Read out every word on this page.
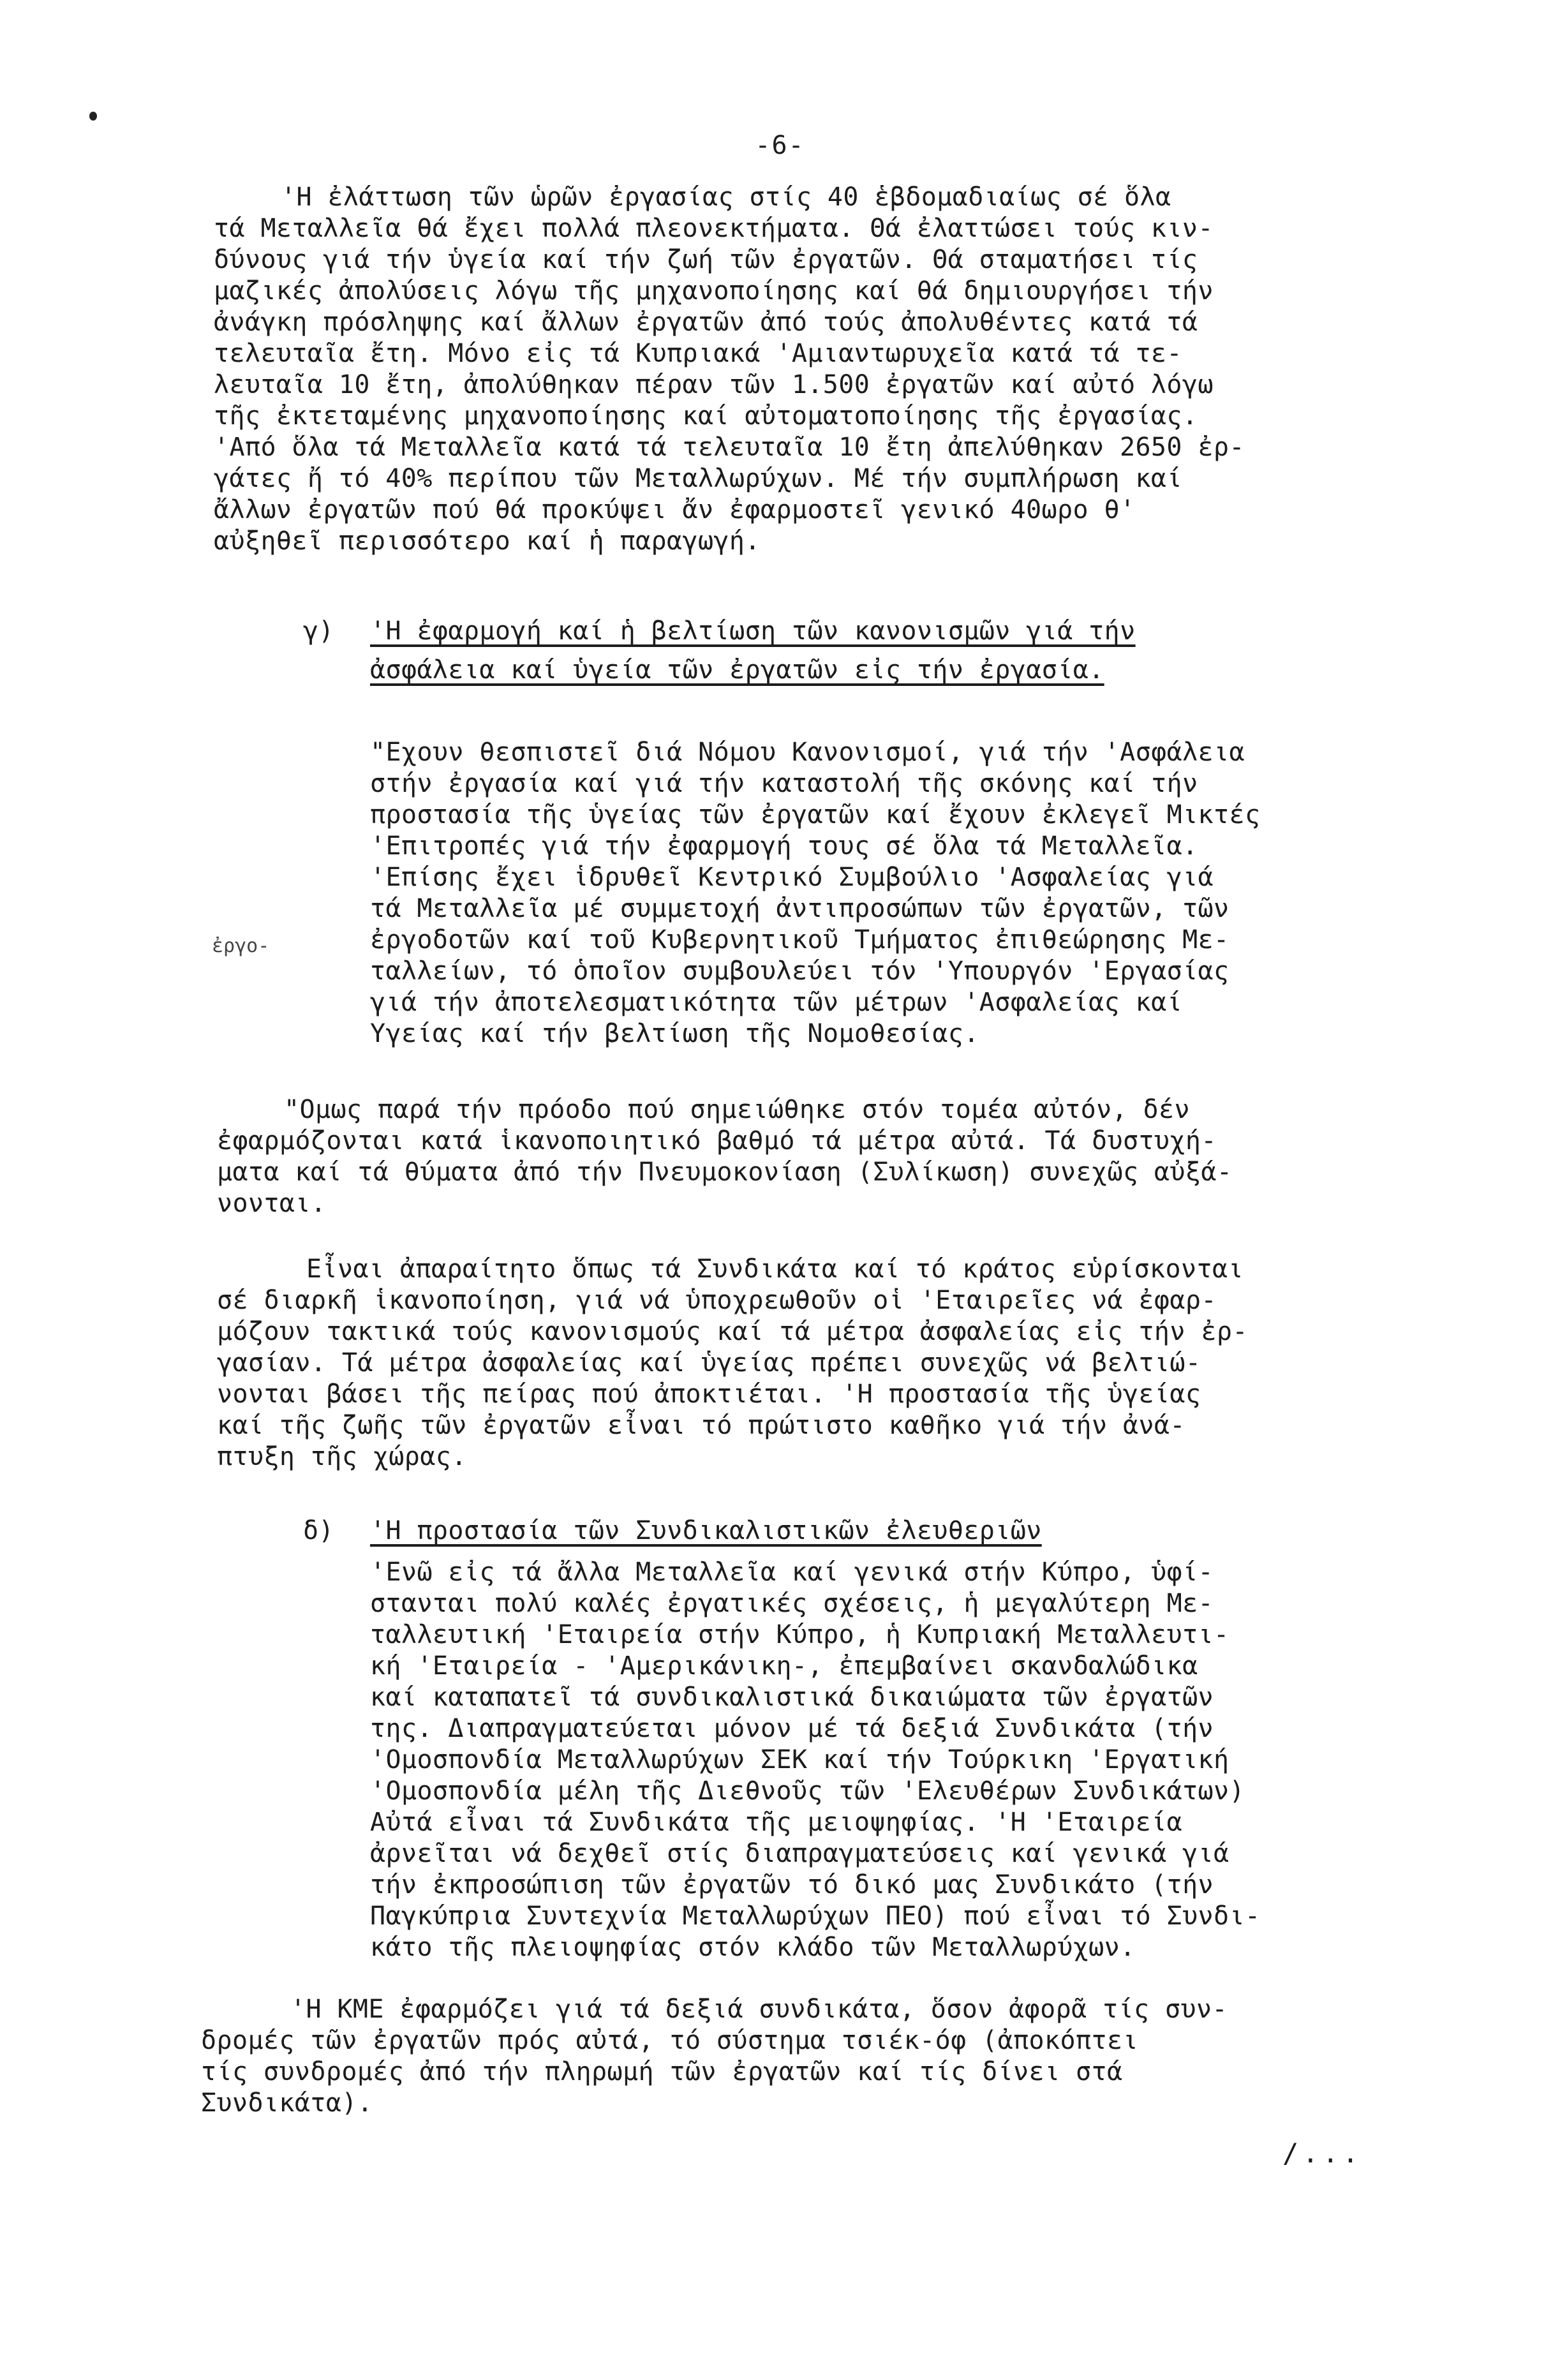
-6-
'Η ἐλάττωση τῶν ὡρῶν ἐργασίας στίς 40 ἑβδομαδιαίως σέ ὅλα
τά Μεταλλεῖα θά ἔχει πολλά πλεονεκτήματα. Θά ἐλαττώσει τούς κιν-
δύνους γιά τήν ὑγεία καί τήν ζωή τῶν ἐργατῶν. Θά σταματήσει τίς
μαζικές ἀπολύσεις λόγω τῆς μηχανοποίησης καί θά δημιουργήσει τήν
ἀνάγκη πρόσληψης καί ἄλλων ἐργατῶν ἀπό τούς ἀπολυθέντες κατά τά
τελευταῖα ἔτη. Μόνο εἰς τά Κυπριακά 'Αμιαντωρυχεῖα κατά τά τε-
λευταῖα 10 ἔτη, ἀπολύθηκαν πέραν τῶν 1.500 ἐργατῶν καί αὐτό λόγω
τῆς ἐκτεταμένης μηχανοποίησης καί αὐτοματοποίησης τῆς ἐργασίας.
'Από ὅλα τά Μεταλλεῖα κατά τά τελευταῖα 10 ἔτη ἀπελύθηκαν 2650 ἐρ-
γάτες ἤ τό 40% περίπου τῶν Μεταλλωρύχων. Μέ τήν συμπλήρωση καί
ἄλλων ἐργατῶν πού θά προκύψει ἄν ἐφαρμοστεῖ γενικό 40ωρο θ'
αὐξηθεῖ περισσότερο καί ἡ παραγωγή.
γ) 'Η ἐφαρμογή καί ἡ βελτίωση τῶν κανονισμῶν γιά τήν
ἀσφάλεια καί ὑγεία τῶν ἐργατῶν εἰς τήν ἐργασία.
ἐργο-
"Εχουν θεσπιστεῖ διά Νόμου Κανονισμοί, γιά τήν 'Ασφάλεια
στήν ἐργασία καί γιά τήν καταστολή τῆς σκόνης καί τήν
προστασία τῆς ὑγείας τῶν ἐργατῶν καί ἔχουν ἐκλεγεῖ Μικτές
'Επιτροπές γιά τήν ἐφαρμογή τους σέ ὅλα τά Μεταλλεῖα.
'Επίσης ἔχει ἱδρυθεῖ Κεντρικό Συμβούλιο 'Ασφαλείας γιά
τά Μεταλλεῖα μέ συμμετοχή ἀντιπροσώπων τῶν ἐργατῶν, τῶν
ἐργοδοτῶν καί τοῦ Κυβερνητικοῦ Τμήματος ἐπιθεώρησης Με-
ταλλείων, τό ὁποῖον συμβουλεύει τόν 'Υπουργόν 'Εργασίας
γιά τήν ἀποτελεσματικότητα τῶν μέτρων 'Ασφαλείας καί
Υγείας καί τήν βελτίωση τῆς Νομοθεσίας.
"Ομως παρά τήν πρόοδο πού σημειώθηκε στόν τομέα αὐτόν, δέν
ἐφαρμόζονται κατά ἱκανοποιητικό βαθμό τά μέτρα αὐτά. Τά δυστυχή-
ματα καί τά θύματα ἀπό τήν Πνευμοκονίαση (Συλίκωση) συνεχῶς αὐξά-
νονται.
Εἶναι ἀπαραίτητο ὅπως τά Συνδικάτα καί τό κράτος εὑρίσκονται
σέ διαρκῆ ἱκανοποίηση, γιά νά ὑποχρεωθοῦν οἱ 'Εταιρεῖες νά ἐφαρ-
μόζουν τακτικά τούς κανονισμούς καί τά μέτρα ἀσφαλείας εἰς τήν ἐρ-
γασίαν. Τά μέτρα ἀσφαλείας καί ὑγείας πρέπει συνεχῶς νά βελτιώ-
νονται βάσει τῆς πείρας πού ἀποκτιέται. 'Η προστασία τῆς ὑγείας
καί τῆς ζωῆς τῶν ἐργατῶν εἶναι τό πρώτιστο καθῆκο γιά τήν ἀνά-
πτυξη τῆς χώρας.
δ) 'Η προστασία τῶν Συνδικαλιστικῶν ἐλευθεριῶν
'Ενῶ εἰς τά ἄλλα Μεταλλεῖα καί γενικά στήν Κύπρο, ὑφί-
στανται πολύ καλές ἐργατικές σχέσεις, ἡ μεγαλύτερη Με-
ταλλευτική 'Εταιρεία στήν Κύπρο, ἡ Κυπριακή Μεταλλευτι-
κή 'Εταιρεία - 'Αμερικάνικη-, ἐπεμβαίνει σκανδαλώδικα
καί καταπατεῖ τά συνδικαλιστικά δικαιώματα τῶν ἐργατῶν
της. Διαπραγματεύεται μόνον μέ τά δεξιά Συνδικάτα (τήν
'Ομοσπονδία Μεταλλωρύχων ΣΕΚ καί τήν Τούρκικη 'Εργατική
'Ομοσπονδία μέλη τῆς Διεθνοῦς τῶν 'Ελευθέρων Συνδικάτων)
Αὐτά εἶναι τά Συνδικάτα τῆς μειοψηφίας. 'Η 'Εταιρεία
ἀρνεῖται νά δεχθεῖ στίς διαπραγματεύσεις καί γενικά γιά
τήν ἐκπροσώπιση τῶν ἐργατῶν τό δικό μας Συνδικάτο (τήν
Παγκύπρια Συντεχνία Μεταλλωρύχων ΠΕΟ) πού εἶναι τό Συνδι-
κάτο τῆς πλειοψηφίας στόν κλάδο τῶν Μεταλλωρύχων.
'Η ΚΜΕ ἐφαρμόζει γιά τά δεξιά συνδικάτα, ὅσον ἀφορᾶ τίς συν-
δρομές τῶν ἐργατῶν πρός αὐτά, τό σύστημα τσιέκ-όφ (ἀποκόπτει
τίς συνδρομές ἀπό τήν πληρωμή τῶν ἐργατῶν καί τίς δίνει στά
Συνδικάτα).
/...
